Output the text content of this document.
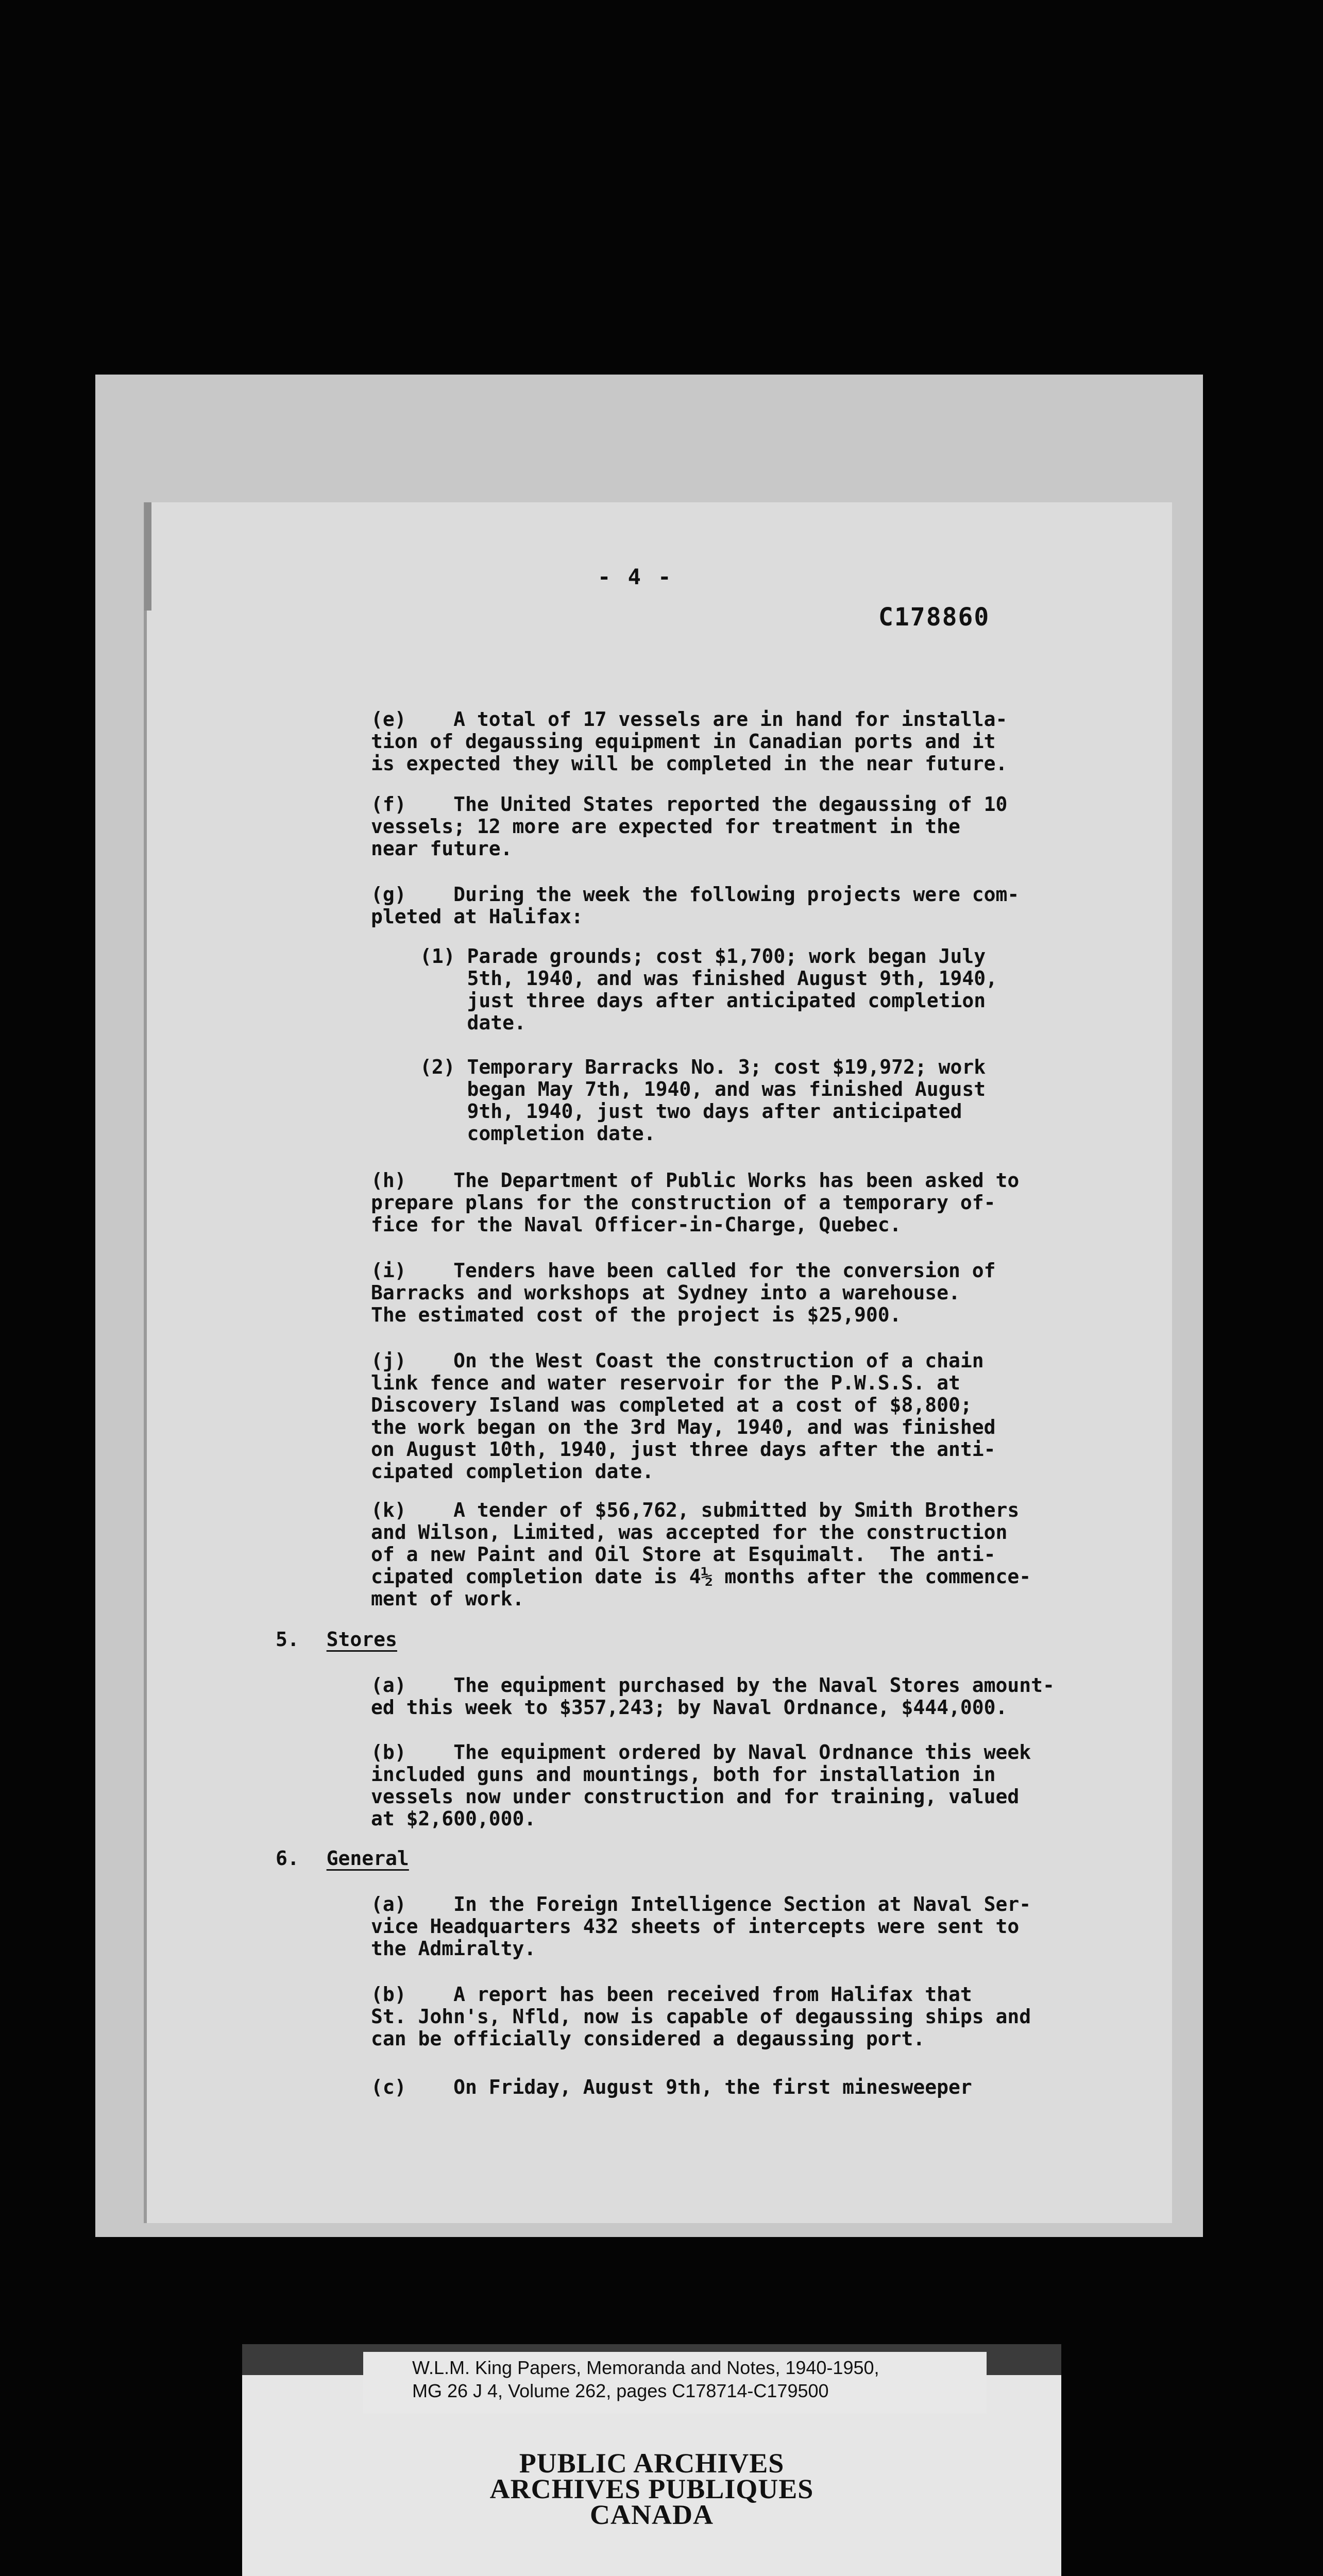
- 4 -
C178860

(e)    A total of 17 vessels are in hand for installa-
tion of degaussing equipment in Canadian ports and it
is expected they will be completed in the near future.

(f)    The United States reported the degaussing of 10
vessels; 12 more are expected for treatment in the
near future.

(g)    During the week the following projects were com-
pleted at Halifax:

(1) Parade grounds; cost $1,700; work began July
5th, 1940, and was finished August 9th, 1940,
just three days after anticipated completion
date.

(2) Temporary Barracks No. 3; cost $19,972; work
began May 7th, 1940, and was finished August
9th, 1940, just two days after anticipated
completion date.

(h)    The Department of Public Works has been asked to
prepare plans for the construction of a temporary of-
fice for the Naval Officer-in-Charge, Quebec.

(i)    Tenders have been called for the conversion of
Barracks and workshops at Sydney into a warehouse.
The estimated cost of the project is $25,900.

(j)    On the West Coast the construction of a chain
link fence and water reservoir for the P.W.S.S. at
Discovery Island was completed at a cost of $8,800;
the work began on the 3rd May, 1940, and was finished
on August 10th, 1940, just three days after the anti-
cipated completion date.

(k)    A tender of $56,762, submitted by Smith Brothers
and Wilson, Limited, was accepted for the construction
of a new Paint and Oil Store at Esquimalt.  The anti-
cipated completion date is 4½ months after the commence-
ment of work.

5. Stores

(a)    The equipment purchased by the Naval Stores amount-
ed this week to $357,243; by Naval Ordnance, $444,000.

(b)    The equipment ordered by Naval Ordnance this week
included guns and mountings, both for installation in
vessels now under construction and for training, valued
at $2,600,000.

6. General

(a)    In the Foreign Intelligence Section at Naval Ser-
vice Headquarters 432 sheets of intercepts were sent to
the Admiralty.

(b)    A report has been received from Halifax that
St. John's, Nfld, now is capable of degaussing ships and
can be officially considered a degaussing port.

(c)    On Friday, August 9th, the first minesweeper

W.L.M. King Papers, Memoranda and Notes, 1940-1950,

MG 26 J 4, Volume 262, pages C178714-C179500

PUBLIC ARCHIVES

ARCHIVES PUBLIQUES

CANADA
